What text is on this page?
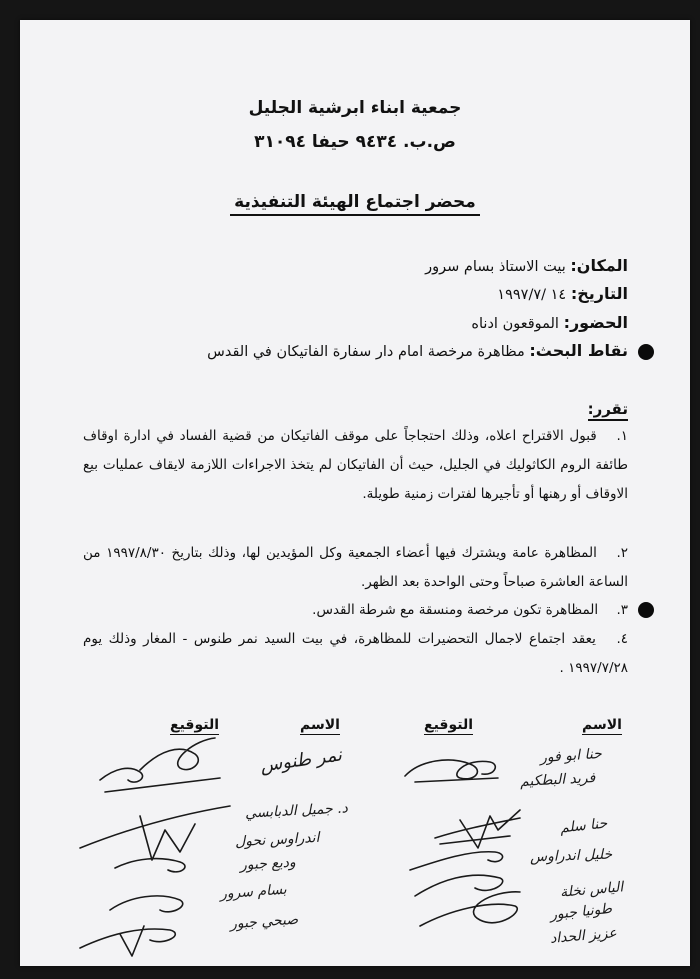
جمعية ابناء ابرشية الجليل
ص.ب. ٩٤٣٤ حيفا ٣١٠٩٤
محضر اجتماع الهيئة التنفيذية
المكان: بيت الاستاذ بسام سرور
التاريخ: ١٤ /١٩٩٧/٧
الحضور: الموقعون ادناه
نقاط البحث: مظاهرة مرخصة امام دار سفارة الفاتيكان في القدس
تقرر:
١. قبول الاقتراح اعلاه، وذلك احتجاجاً على موقف الفاتيكان من قضية الفساد في ادارة اوقاف طائفة الروم الكاثوليك في الجليل، حيث أن الفاتيكان لم يتخذ الاجراءات اللازمة لايقاف عمليات بيع الاوقاف أو رهنها أو تأجيرها لفترات زمنية طويلة.
٢. المظاهرة عامة ويشترك فيها أعضاء الجمعية وكل المؤيدين لها، وذلك بتاريخ ١٩٩٧/٨/٣٠ من الساعة العاشرة صباحاً وحتى الواحدة بعد الظهر.
٣. المظاهرة تكون مرخصة ومنسقة مع شرطة القدس.
٤. يعقد اجتماع لاجمال التحضيرات للمظاهرة، في بيت السيد نمر طنوس - المغار وذلك يوم ١٩٩٧/٧/٢٨ .
الاسم
التوقيع
الاسم
التوقيع
حنا ابو فور
فريد البطكيم
حنا سلم
خليل اندراوس
الياس نخلة
طونيا جبور
عزيز الحداد
نمر طنوس
د. جميل الدبابسي
اندراوس نحول
وديع جبور
بسام سرور
صبحي جبور
